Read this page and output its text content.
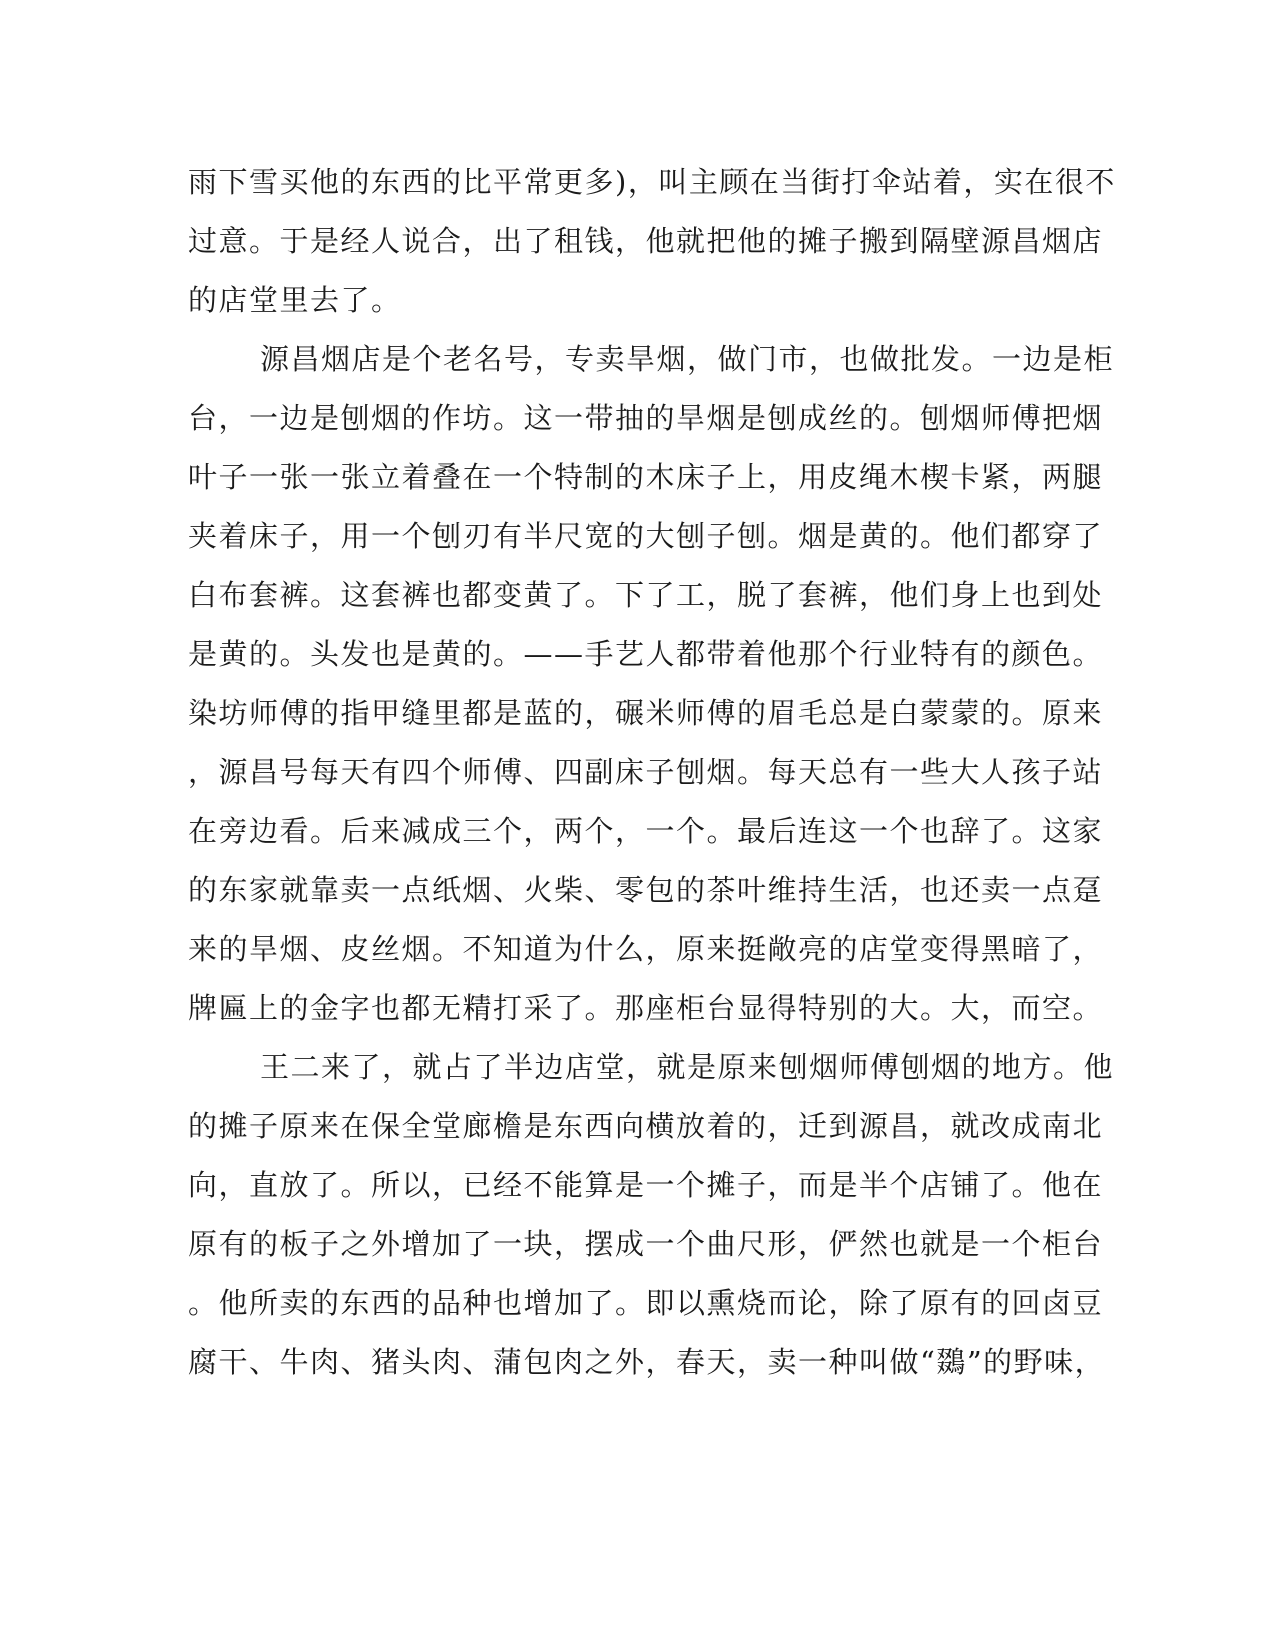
雨下雪买他的东西的比平常更多)，叫主顾在当街打伞站着，实在很不
过意。于是经人说合，出了租钱，他就把他的摊子搬到隔壁源昌烟店
的店堂里去了。
源昌烟店是个老名号，专卖旱烟，做门市，也做批发。一边是柜
台，一边是刨烟的作坊。这一带抽的旱烟是刨成丝的。刨烟师傅把烟
叶子一张一张立着叠在一个特制的木床子上，用皮绳木楔卡紧，两腿
夹着床子，用一个刨刃有半尺宽的大刨子刨。烟是黄的。他们都穿了
白布套裤。这套裤也都变黄了。下了工，脱了套裤，他们身上也到处
是黄的。头发也是黄的。——手艺人都带着他那个行业特有的颜色。
染坊师傅的指甲缝里都是蓝的，碾米师傅的眉毛总是白蒙蒙的。原来
，源昌号每天有四个师傅、四副床子刨烟。每天总有一些大人孩子站
在旁边看。后来减成三个，两个，一个。最后连这一个也辞了。这家
的东家就靠卖一点纸烟、火柴、零包的茶叶维持生活，也还卖一点趸
来的旱烟、皮丝烟。不知道为什么，原来挺敞亮的店堂变得黑暗了，
牌匾上的金字也都无精打采了。那座柜台显得特别的大。大，而空。
王二来了，就占了半边店堂，就是原来刨烟师傅刨烟的地方。他
的摊子原来在保全堂廊檐是东西向横放着的，迁到源昌，就改成南北
向，直放了。所以，已经不能算是一个摊子，而是半个店铺了。他在
原有的板子之外增加了一块，摆成一个曲尺形，俨然也就是一个柜台
。他所卖的东西的品种也增加了。即以熏烧而论，除了原有的回卤豆
腐干、牛肉、猪头肉、蒲包肉之外，春天，卖一种叫做“鵽”的野味，
